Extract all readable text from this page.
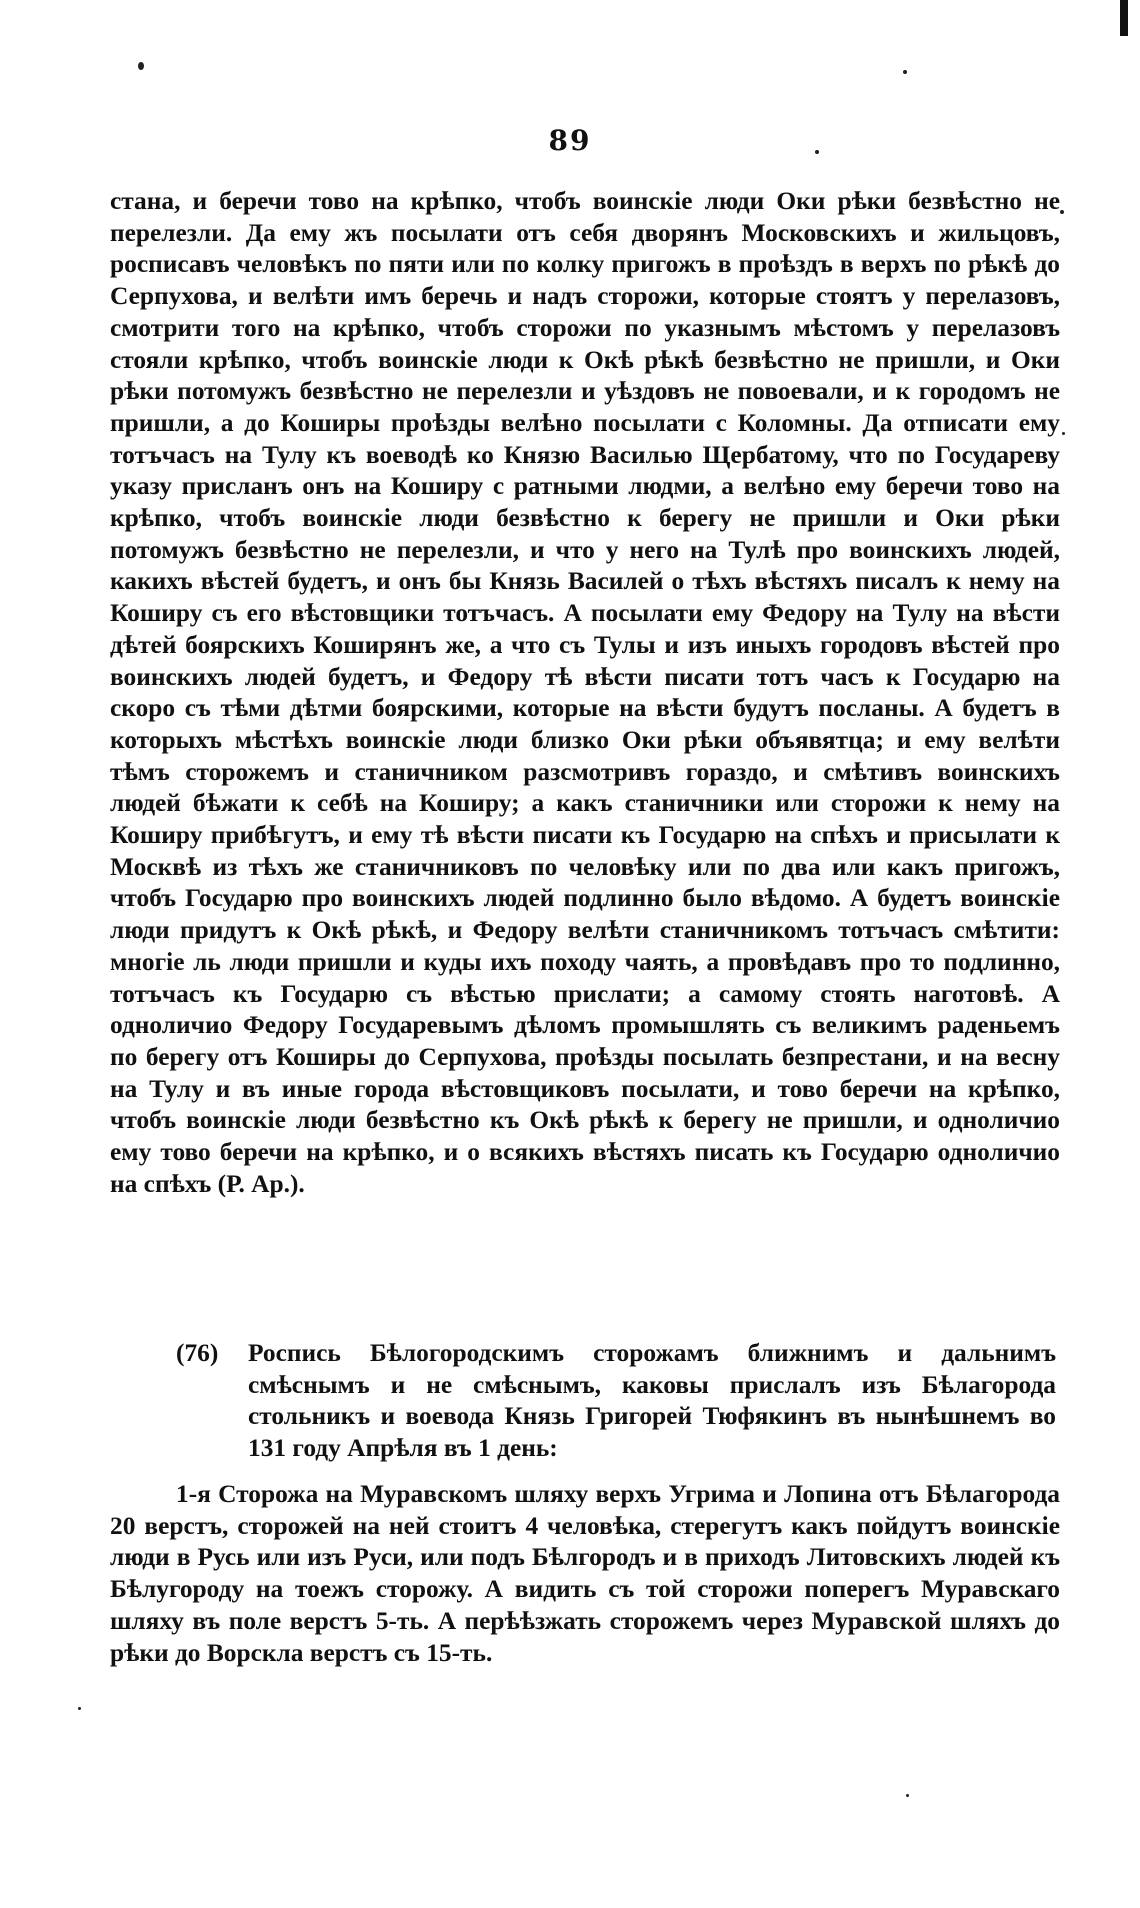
89

стана, и беречи тово на крѣпко, чтобъ воинскіе люди Оки рѣки безвѣстно не перелезли. Да ему жъ посылати отъ себя дворянъ Московскихъ и жильцовъ, росписавъ человѣкъ по пяти или по колку пригожъ в проѣздъ в верхъ по рѣкѣ до Серпухова, и велѣти имъ беречь и надъ сторожи, которые стоятъ у перелазовъ, смотрити того на крѣпко, чтобъ сторожи по указнымъ мѣстомъ у перелазовъ стояли крѣпко, чтобъ воинскіе люди к Окѣ рѣкѣ безвѣстно не пришли, и Оки рѣки потомужъ безвѣстно не перелезли и уѣздовъ не повоевали, и к городомъ не пришли, а до Коширы проѣзды велѣно посылати с Коломны. Да отписати ему тотъчасъ на Тулу къ воеводѣ ко Князю Василью Щербатому, что по Государеву указу присланъ онъ на Коширу с ратными людми, а велѣно ему беречи тово на крѣпко, чтобъ воинскіе люди безвѣстно к берегу не пришли и Оки рѣки потомужъ безвѣстно не перелезли, и что у него на Тулѣ про воинскихъ людей, какихъ вѣстей будетъ, и онъ бы Князь Василей о тѣхъ вѣстяхъ писалъ к нему на Коширу съ его вѣстовщики тотъчасъ. А посылати ему Федору на Тулу на вѣсти дѣтей боярскихъ Коширянъ же, а что съ Тулы и изъ иныхъ городовъ вѣстей про воинскихъ людей будетъ, и Федору тѣ вѣсти писати тотъ часъ к Государю на скоро съ тѣми дѣтми боярскими, которые на вѣсти будутъ посланы. А будетъ в которыхъ мѣстѣхъ воинскіе люди близко Оки рѣки объявятца; и ему велѣти тѣмъ сторожемъ и станичником разсмотривъ гораздо, и смѣтивъ воинскихъ людей бѣжати к себѣ на Коширу; а какъ станичники или сторожи к нему на Коширу прибѣгутъ, и ему тѣ вѣсти писати къ Государю на спѣхъ и присылати к Москвѣ из тѣхъ же станичниковъ по человѣку или по два или какъ пригожъ, чтобъ Государю про воинскихъ людей подлинно было вѣдомо. А будетъ воинскіе люди придутъ к Окѣ рѣкѣ, и Федору велѣти станичникомъ тотъчасъ смѣтити: многіе ль люди пришли и куды ихъ походу чаять, а провѣдавъ про то подлинно, тотъчасъ къ Государю съ вѣстью прислати; а самому стоять наготовѣ. А одноличио Федору Государевымъ дѣломъ промышлять съ великимъ раденьемъ по берегу отъ Коширы до Серпухова, проѣзды посылать безпрестани, и на весну на Тулу и въ иные города вѣстовщиковъ посылати, и тово беречи на крѣпко, чтобъ воинскіе люди безвѣстно къ Окѣ рѣкѣ к берегу не пришли, и одноличио ему тово беречи на крѣпко, и о всякихъ вѣстяхъ писать къ Государю одноличио на спѣхъ (Р. Ар.).

(76)	Роспись Бѣлогородскимъ сторожамъ ближнимъ и дальнимъ смѣснымъ и не смѣснымъ, каковы прислалъ изъ Бѣлагорода стольникъ и воевода Князь Григорей Тюфякинъ въ нынѣшнемъ во 131 году Апрѣля въ 1 день:
1-я Сторожа на Муравскомъ шляху верхъ Угрима и Лопина отъ Бѣлагорода 20 верстъ, сторожей на ней стоитъ 4 человѣка, стерегутъ какъ пойдутъ воинскіе люди в Русь или изъ Руси, или подъ Бѣлгородъ и в приходъ Литовскихъ людей къ Бѣлугороду на тоежъ сторожу. А видить съ той сторожи поперегъ Муравскаго шляху въ поле верстъ 5-ть. А перѣѣзжать сторожемъ через Муравской шляхъ до рѣки до Ворскла верстъ съ 15-ть.
